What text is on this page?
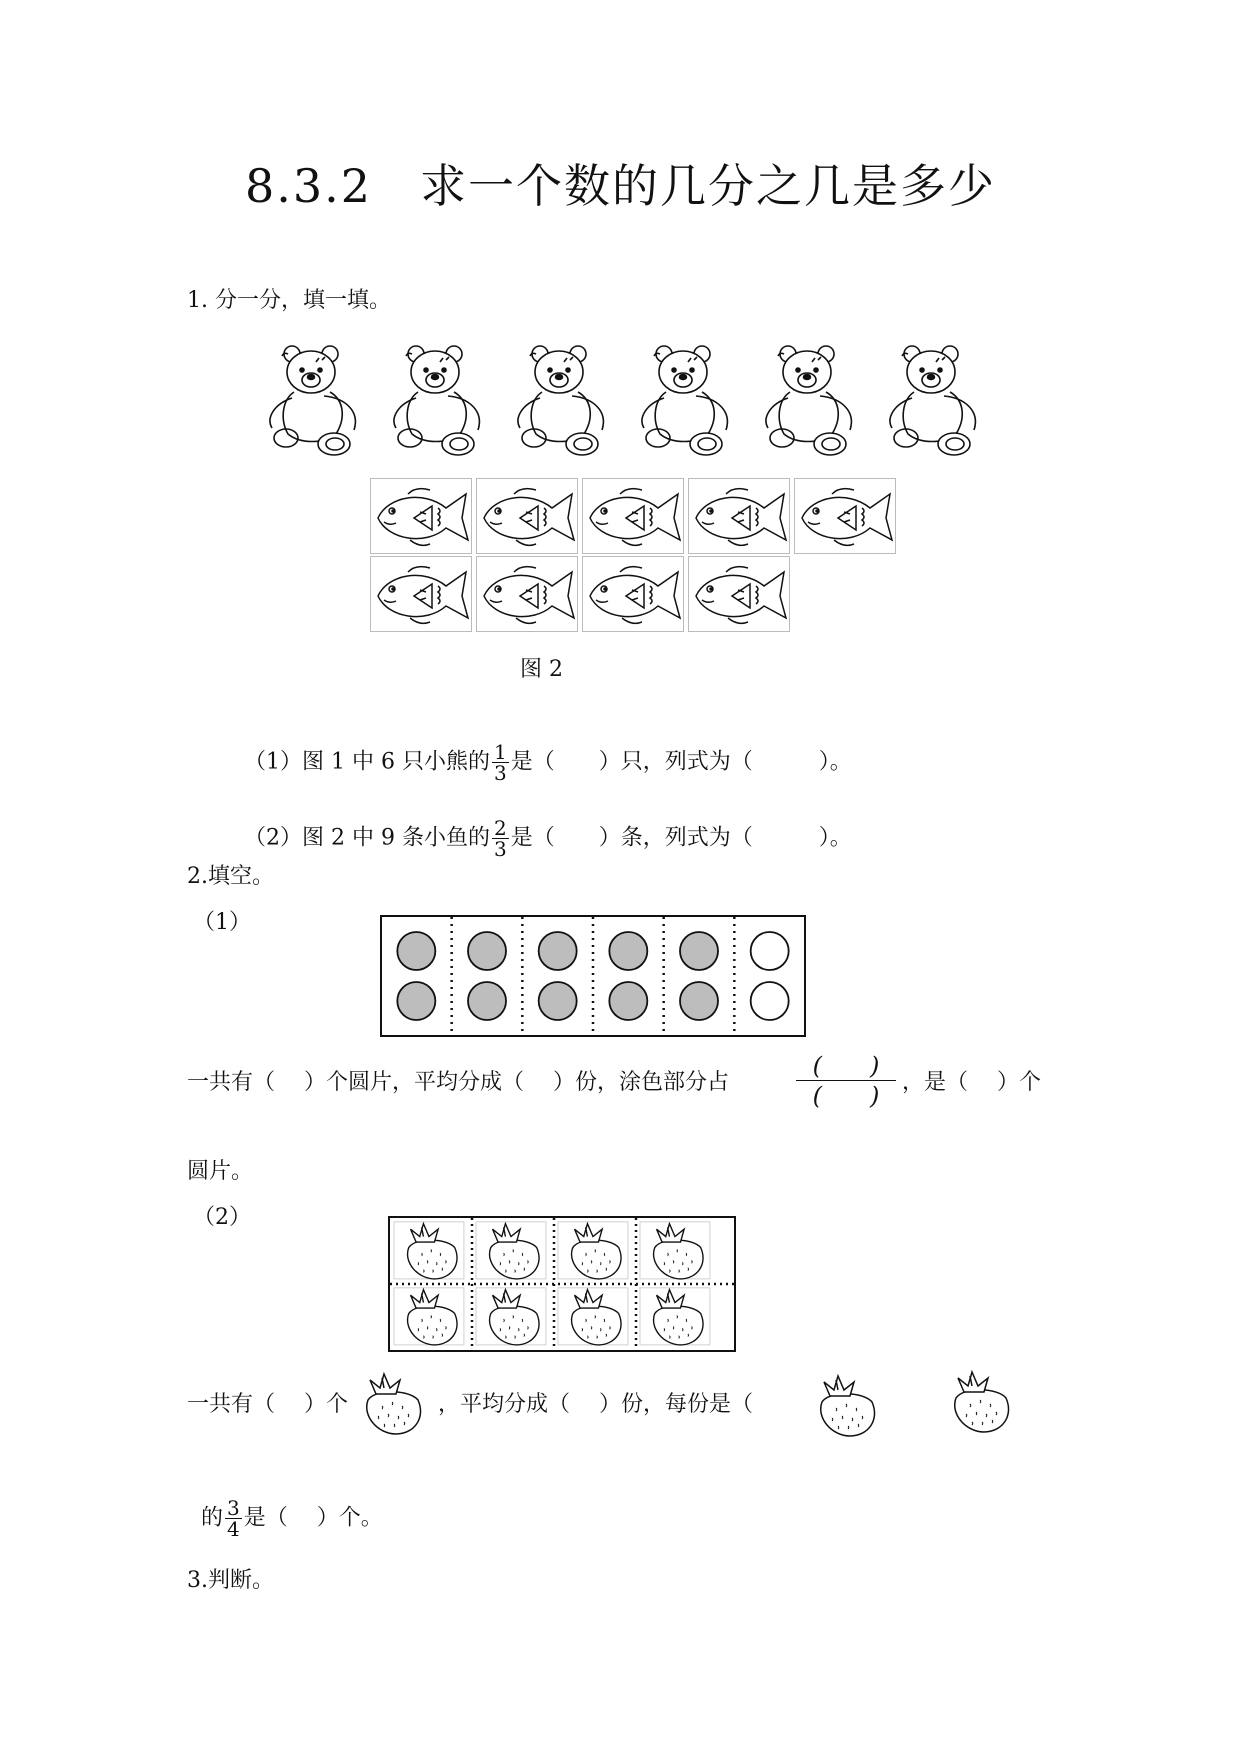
8.3.2　求一个数的几分之几是多少
1. 分一分，填一填。
图 2

（1）图 1 中 6 只小熊的 $\frac{1}{3}$ 是（　　）只，列式为（　　　）。

（2）图 2 中 9 条小鱼的 $\frac{2}{3}$ 是（　　）条，列式为（　　　）。

2.填空。
（1）
一共有（　 ）个圆片，平均分成（　 ）份，涂色部分占
(　　)
(　　)	，是（　 ）个
圆片。
（2）
一共有（　 ）个	，平均分成（　 ）份，每份是（

的 $\frac{3}{4}$ 是（　 ）个。

3.判断。
